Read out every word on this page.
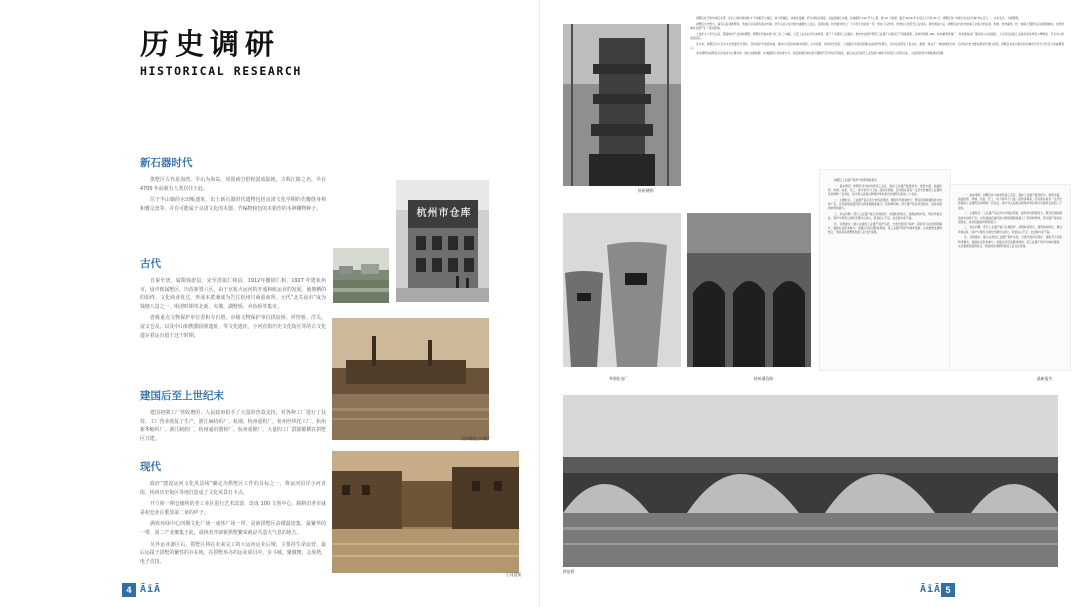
历史调研
HISTORICAL RESEARCH
新石器时代

拱墅区古代是海湾，半山为海岛，周围就分舒积淤成陆地，古称江路之名。早在 4700 年前就有人类居住于此。

位于半山镇的水田畈遗址，出土新石器时代遗物包括良渚文化早期的先瓣绕身树和薯足盘等，并有可能属于良渚文化的木器、竹编物和包的木箱作的木神棚物种子。

古代

自秦至唐，属隋钱唐县；宋至清属仁和县，1912年撤销仁和，1927 年建杭州市，设中辖属墅区，历改新置六区。由于京杭大运河的开通和航运业的发展，使塘栖的的始终，文化商业发达，形成本派兼成为告江杭州日商重商所。元代“北关夜市”成为钱塘八景之一，明清时期等北新、夹城、湖墅桥、卖鱼桥等集市。

省级重点文物保护单位香积寺石塔，市级文物保护单位拱宸桥、祥符桥、洋关、富义仓及、以及中山和熊猫园黄遗址，等文化遗址，小河直街历史文化街区等的古文化遗存着运台留于这个时期。

建国后至上世纪末

建国初期工厂营收增的，人民政府拍手了大量的营款支持，对各种工厂进行了扶持，工厂营业收复了生产，浙江麻纺织厂、杭钢、杭州重机厂、杭州丝织化工厂、杭州新华缩织厂、浙江制药厂、杭州通讯器材厂、杭州重棉厂、大量的工厂鼓励都横在拱墅区兴建。

现代

政府“建设运河文化风景线”确定为拱墅区工作的目标之一，将运河沿岸小河直街、桥西历史街区等地打造成了文化风景打卡点。

开立桥一期仓储所的老工业区进行艺术改造，改成 100 文创中心，腾格旧老市就是初仓业区歌放第二章的样子。

满铁环绿中心四期文化广场一成休广场一带，是新拱墅区高楼最密集、最繁华的一带，第二产业聚集于此，成林者开辟新拱墅繁荣就是共造大气息的地方。

另外运业备区后，拱墅区将在未来完工的大运河运业后城，主要持生命运营，最后运提于拱墅的繁性的存在地，在拱墅举办的运业项目中，步斗城，聚微舞，会展塔，电子竞技。

杭州市仓库
国际晚霞公司照厂
小河直街
4 ĀīĀ
杭州钢铁厂

拱墅区处于杭州市区北部，东以上塘河和地铁 2 号线相邻上城区，南与西湖区、余杭区接壤，西与余杭区相接，北临钱塘江水域，区域面积 119 平方公里，辖 19 个街道，截至 2019 年末全区人口约 60 万。拱墅区是“中国运河文化名城”核心区之一，水系发达，交通便利。

拱墅区历史悠久，南宋以后逐渐繁荣，形成运河沿岸的商业市镇，近代以来又成为杭州重要的工业区。民国时期，杭州最早的工厂大多设于拱宸桥一带，形成了以纺织、丝绸为主的近代工业体系。新中国成立后，拱墅区成为杭州市重工业集中的区域，杭钢、杭州重机、杭一棉等大型国有企业相继建成，对杭州城市发展产生了深远影响。

上世纪九十年代以后，随着城市产业结构调整，拱墅区开始实施“退二进三”战略，大量工业企业外迁或转型，留下了丰富的工业遗存。杭州市在保护利用工业遗产方面进行了积极探索，将杭州丝联 166、杭州重型机械厂、杭州蓄电池厂等改造为文创园区，大运河沿线的工业遗存逐步转变为博物馆、艺术中心和创意街区。

近年来，拱墅区以大运河文化带建设为契机，坚持保护与发展并重，推动运河沿线的城市更新，小河直街、桥西历史街区、大兜路历史街区相继完成保护性整治，运河沿线形成了集文化、旅游、商业于一体的城市空间。运河的历史文脉在新时代得以延续，拱墅区也成为展示杭州城市历史与当代活力的重要窗口。

本次调研以拱墅区运河沿线为主要对象，通过文献梳理、实地踏勘与访谈等方式，系统梳理区域从新石器时代至今的历史演变，重点关注近现代工业发展与城市空间变迁之间的关系，为后续的设计策略提供依据。

华润化电厂	杭州通信路

拱墅区工业遗产保护与利用调查报告

一、基本情况：拱墅区作为杭州传统工业区，现存工业遗产数量较多，类型丰富，涵盖纺织、机械、冶金、化工、电力等多个门类。经初步调查，区内现存具有一定历史价值的工业建筑及构筑物一百余处，其中列入各级文物保护单位和历史建筑名录的二十余处。

二、主要特点：工业遗产沿运河分布特征明显，建筑年代跨度较大，既有民国时期的砖木结构厂房，也有建国后建设的大跨度钢筋混凝土厂房和构筑物。部分遗产保存状况较好，具有较高的再利用潜力。

三、存在问题：部分工业遗产缺乏有效保护，闲置时间较长，建筑结构老化，周边环境杂乱；保护与利用之间的矛盾较为突出，资金投入不足，社会参与度不高。

四、对策建议：建立完善的工业遗产保护名录，分类分级进行保护；探索多元化的利用模式，鼓励社会资本参与；加强运河沿线整体规划，将工业遗产保护与城市更新、文化旅游发展相结合，形成具有拱墅特色的工业文化景观。

一、基本情况：拱墅区作为杭州传统工业区，现存工业遗产数量较多，类型丰富，涵盖纺织、机械、冶金、化工、电力等多个门类。经初步调查，区内现存具有一定历史价值的工业建筑及构筑物一百余处，其中列入各级文物保护单位和历史建筑名录的二十余处。

二、主要特点：工业遗产沿运河分布特征明显，建筑年代跨度较大，既有民国时期的砖木结构厂房，也有建国后建设的大跨度钢筋混凝土厂房和构筑物。部分遗产保存状况较好，具有较高的再利用潜力。

三、存在问题：部分工业遗产缺乏有效保护，闲置时间较长，建筑结构老化，周边环境杂乱；保护与利用之间的矛盾较为突出，资金投入不足，社会参与度不高。

四、对策建议：建立完善的工业遗产保护名录，分类分级进行保护；探索多元化的利用模式，鼓励社会资本参与；加强运河沿线整体规划，将工业遗产保护与城市更新、文化旅游发展相结合，形成具有拱墅特色的工业文化景观。

最新报告
拱宸桥
ĀīĀ 5
